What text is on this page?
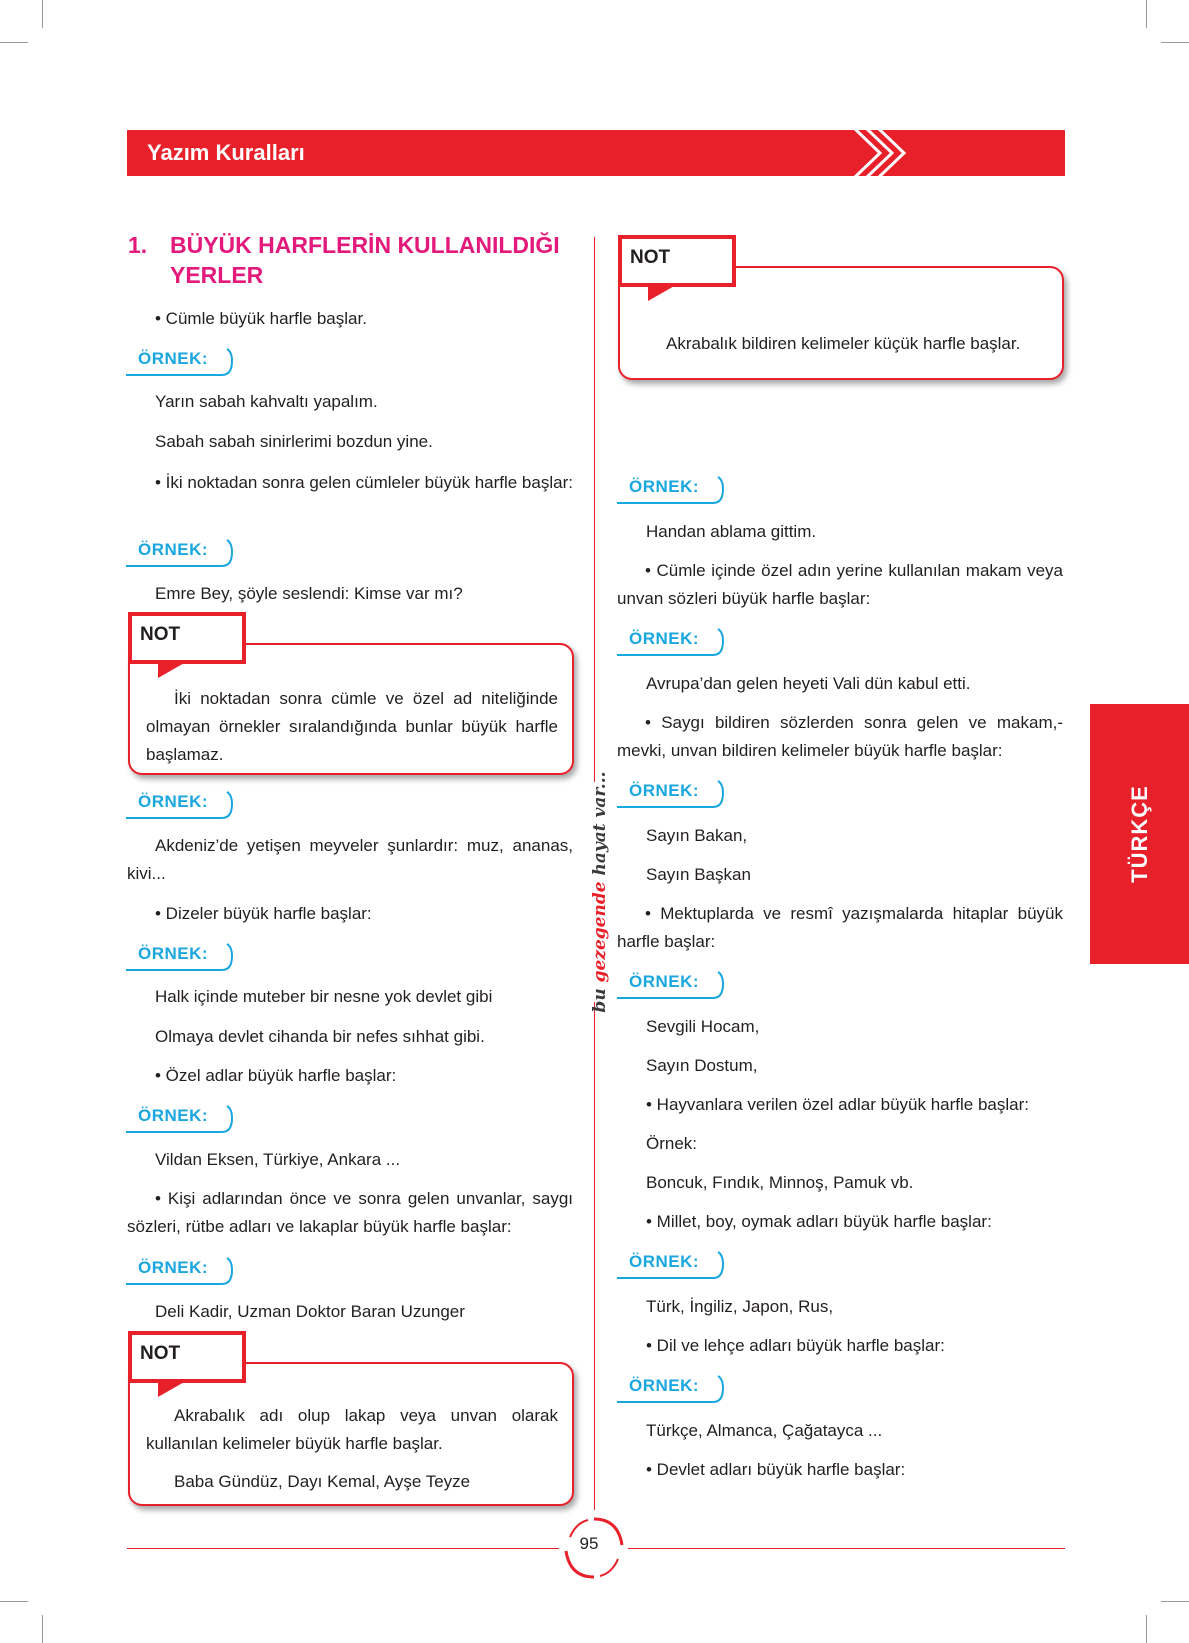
Yazım Kuralları
TÜRKÇE
bu gezegende hayat var...
1. BÜYÜK HARFLERİN KULLANILDIĞI
YERLER
• Cümle büyük harfle başlar.
ÖRNEK:
Yarın sabah kahvaltı yapalım.
Sabah sabah sinirlerimi bozdun yine.
• İki noktadan sonra gelen cümleler büyük harfle başlar:
ÖRNEK:
Emre Bey, şöyle seslendi: Kimse var mı?
İki noktadan sonra cümle ve özel ad niteliğinde olmayan örnekler sıralandığında bunlar büyük harfle başlamaz.
NOT
ÖRNEK:
Akdeniz’de yetişen meyveler şunlardır: muz, ananas, kivi...
• Dizeler büyük harfle başlar:
ÖRNEK:
Halk içinde muteber bir nesne yok devlet gibi
Olmaya devlet cihanda bir nefes sıhhat gibi.
• Özel adlar büyük harfle başlar:
ÖRNEK:
Vildan Eksen, Türkiye, Ankara ...
• Kişi adlarından önce ve sonra gelen unvanlar, saygı sözleri, rütbe adları ve lakaplar büyük harfle başlar:
ÖRNEK:
Deli Kadir, Uzman Doktor Baran Uzunger
Akrabalık adı olup lakap veya unvan olarak kullanılan kelimeler büyük harfle başlar.
Baba Gündüz, Dayı Kemal, Ayşe Teyze
NOT
Akrabalık bildiren kelimeler küçük harfle başlar.
NOT
ÖRNEK:
Handan ablama gittim.
• Cümle içinde özel adın yerine kullanılan makam veya unvan sözleri büyük harfle başlar:
ÖRNEK:
Avrupa’dan gelen heyeti Vali dün kabul etti.
• Saygı bildiren sözlerden sonra gelen ve makam,-mevki, unvan bildiren kelimeler büyük harfle başlar:
ÖRNEK:
Sayın Bakan,
Sayın Başkan
• Mektuplarda ve resmî yazışmalarda hitaplar büyük harfle başlar:
ÖRNEK:
Sevgili Hocam,
Sayın Dostum,
• Hayvanlara verilen özel adlar büyük harfle başlar:
Örnek:
Boncuk, Fındık, Minnoş, Pamuk vb.
• Millet, boy, oymak adları büyük harfle başlar:
ÖRNEK:
Türk, İngiliz, Japon, Rus,
• Dil ve lehçe adları büyük harfle başlar:
ÖRNEK:
Türkçe, Almanca, Çağatayca ...
• Devlet adları büyük harfle başlar:
95
